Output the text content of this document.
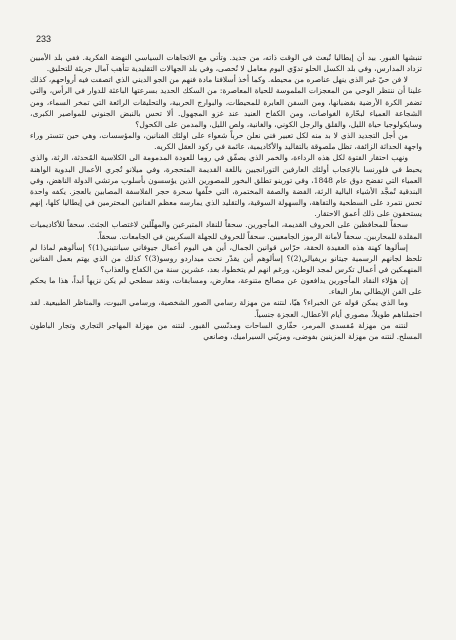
233

تنبشها القبور. بيد أن إيطاليا تُبعث في الوقت ذاته، من جديد. وتأتي مع الاتجاهات السياسي النهضة الفكرية. ففي بلد الأميين تزداد المدارس، وفي بلد الكسل الحلو تدوّي اليوم معامل لا تُحصى، وفي بلد الجهالات التقليدية تتأهب آمال جريئة للتحليق.

لا فن حيّ غير الذي ينهل عناصره من محيطه. وكما أخذ أسلافنا مادة فنهم من الجو الديني الذي اتصفت فيه أرواحهم، كذلك علينا أن ننتظر الوحي من المعجزات الملموسة للحياة المعاصرة: من السكك الحديد بسرعتها الباعثة للدوار في الرأس، والتي تضفر الكرة الأرضية بقضبانها، ومن السفن العابرة للمحيطات، والبوارج الحربية، والتحليقات الرائعة التي تمخر السماء، ومن الشجاعة العمياء لبحّارة الغواصات، ومن الكفاح العنيد عند غزو المجهول. ألا تحس بالنبض الجنوني للمواصير الكبرى، وسايكولوجيا حياة الليل، والقلق والرجل الكوني، والغانية، ولص الليل، والمدمن على الكحول؟

من أجل التجديد الذي لا بد منه لكل تعبير فني نعلن حرباً شعواء على اولئك الفنانين، والمؤسسات، وهي حين تتستر وراء واجهة الحداثة الزائفة، تظل ملصوقة بالتقاليد والأكاديمية، عائمة في ركود العقل الكريه.

ونهب احتقار الفتوة لكل هذه الرداءة، والخمر الذي يصفّق في روما للعودة المدمومة الى الكلاسية المُحدثة، الرثة، والذي يحبط في فلورنسا بالإعجاب أولئك العارفين التورانجيين باللغة القديمة المتحجرة، وفي ميلانو تُجري الأعمال البدوية الواهنة العمياء التي تفضح دوق عام 1848، وفي تورينو تطلق البخور للمصورين الذين يؤسسون بأسلوب مرتشي الدولة الناهض، وفي البندقية تُمجَّد الأشياء البالية الرثة، الفضة والصفة المختمرة، التي خلّفها سحرة حجر الفلاسفة المصابين بالعجز. يكفه واحدة تحس نتمرد على السطحية والتفاهة، والسهولة السوقية، والتقليد الذي يمارسه معظم الفنانين المحترمين في إيطاليا كلها، إنهم يستحقون على ذلك أعمق الاحتقار.

سحقاً للمحافظين على الحروف القديمة، المأجورين. سحقاً للنقاد المتبرعين والمهلّلين لاغتصاب الجثث. سحقاً للأكاديميات المقلدة للمحاربين. سحقاً لأمانة الرموز الجامعيين. سحقاً للحروف للجهلة السكريين في الجامعات. سحقاً.

إسألوها كهنة هذه العقيدة الحقة، حرّاس قوانين الجمال، أين هي اليوم أعمال جيوفاني سيانتيني(1)؟ إسألوهم لماذا لم تلحظ لجانهم الرسمية جيتانو بريفيالي(2)؟ إسألوهم أين يقدّر نحت ميداردو روسو(3)؟ كذلك من الذي يهتم بعمل الفنانين المنهمكين في أعمال تكرس لمجد الوطن، ورغم انهم لم يتخطوا، بعد، عشرين سنة من الكفاح والعذاب؟

إن هؤلاء النقاد المأجورين يدافعون عن مصالح متنوعة، معارض، ومسابقات، ونقد سطحي لم يكن نزيهاً أبداً، هذا ما يحكم على الفن الإيطالي بعار البغاء.

وما الذي يمكن قوله عن الخبراء؟ هيّا، لنتنه من مهزلة رسامي الصور الشخصية، ورسامي البيوت، والمناظر الطبيعية. لقد احتملناهم طويلاً، مصوري أيام الأعطال، العجزة جنسياً.

لنتنه من مهزلة مُفسدي المرمر، حفّاري الساحات ومدنّسي القبور. لنتنه من مهزلة المهاجر التجاري وتجار الباطون المسلح. لنتنه من مهزلة المزينين بفوضى، ومزيّني السيراميك، وصانعي
